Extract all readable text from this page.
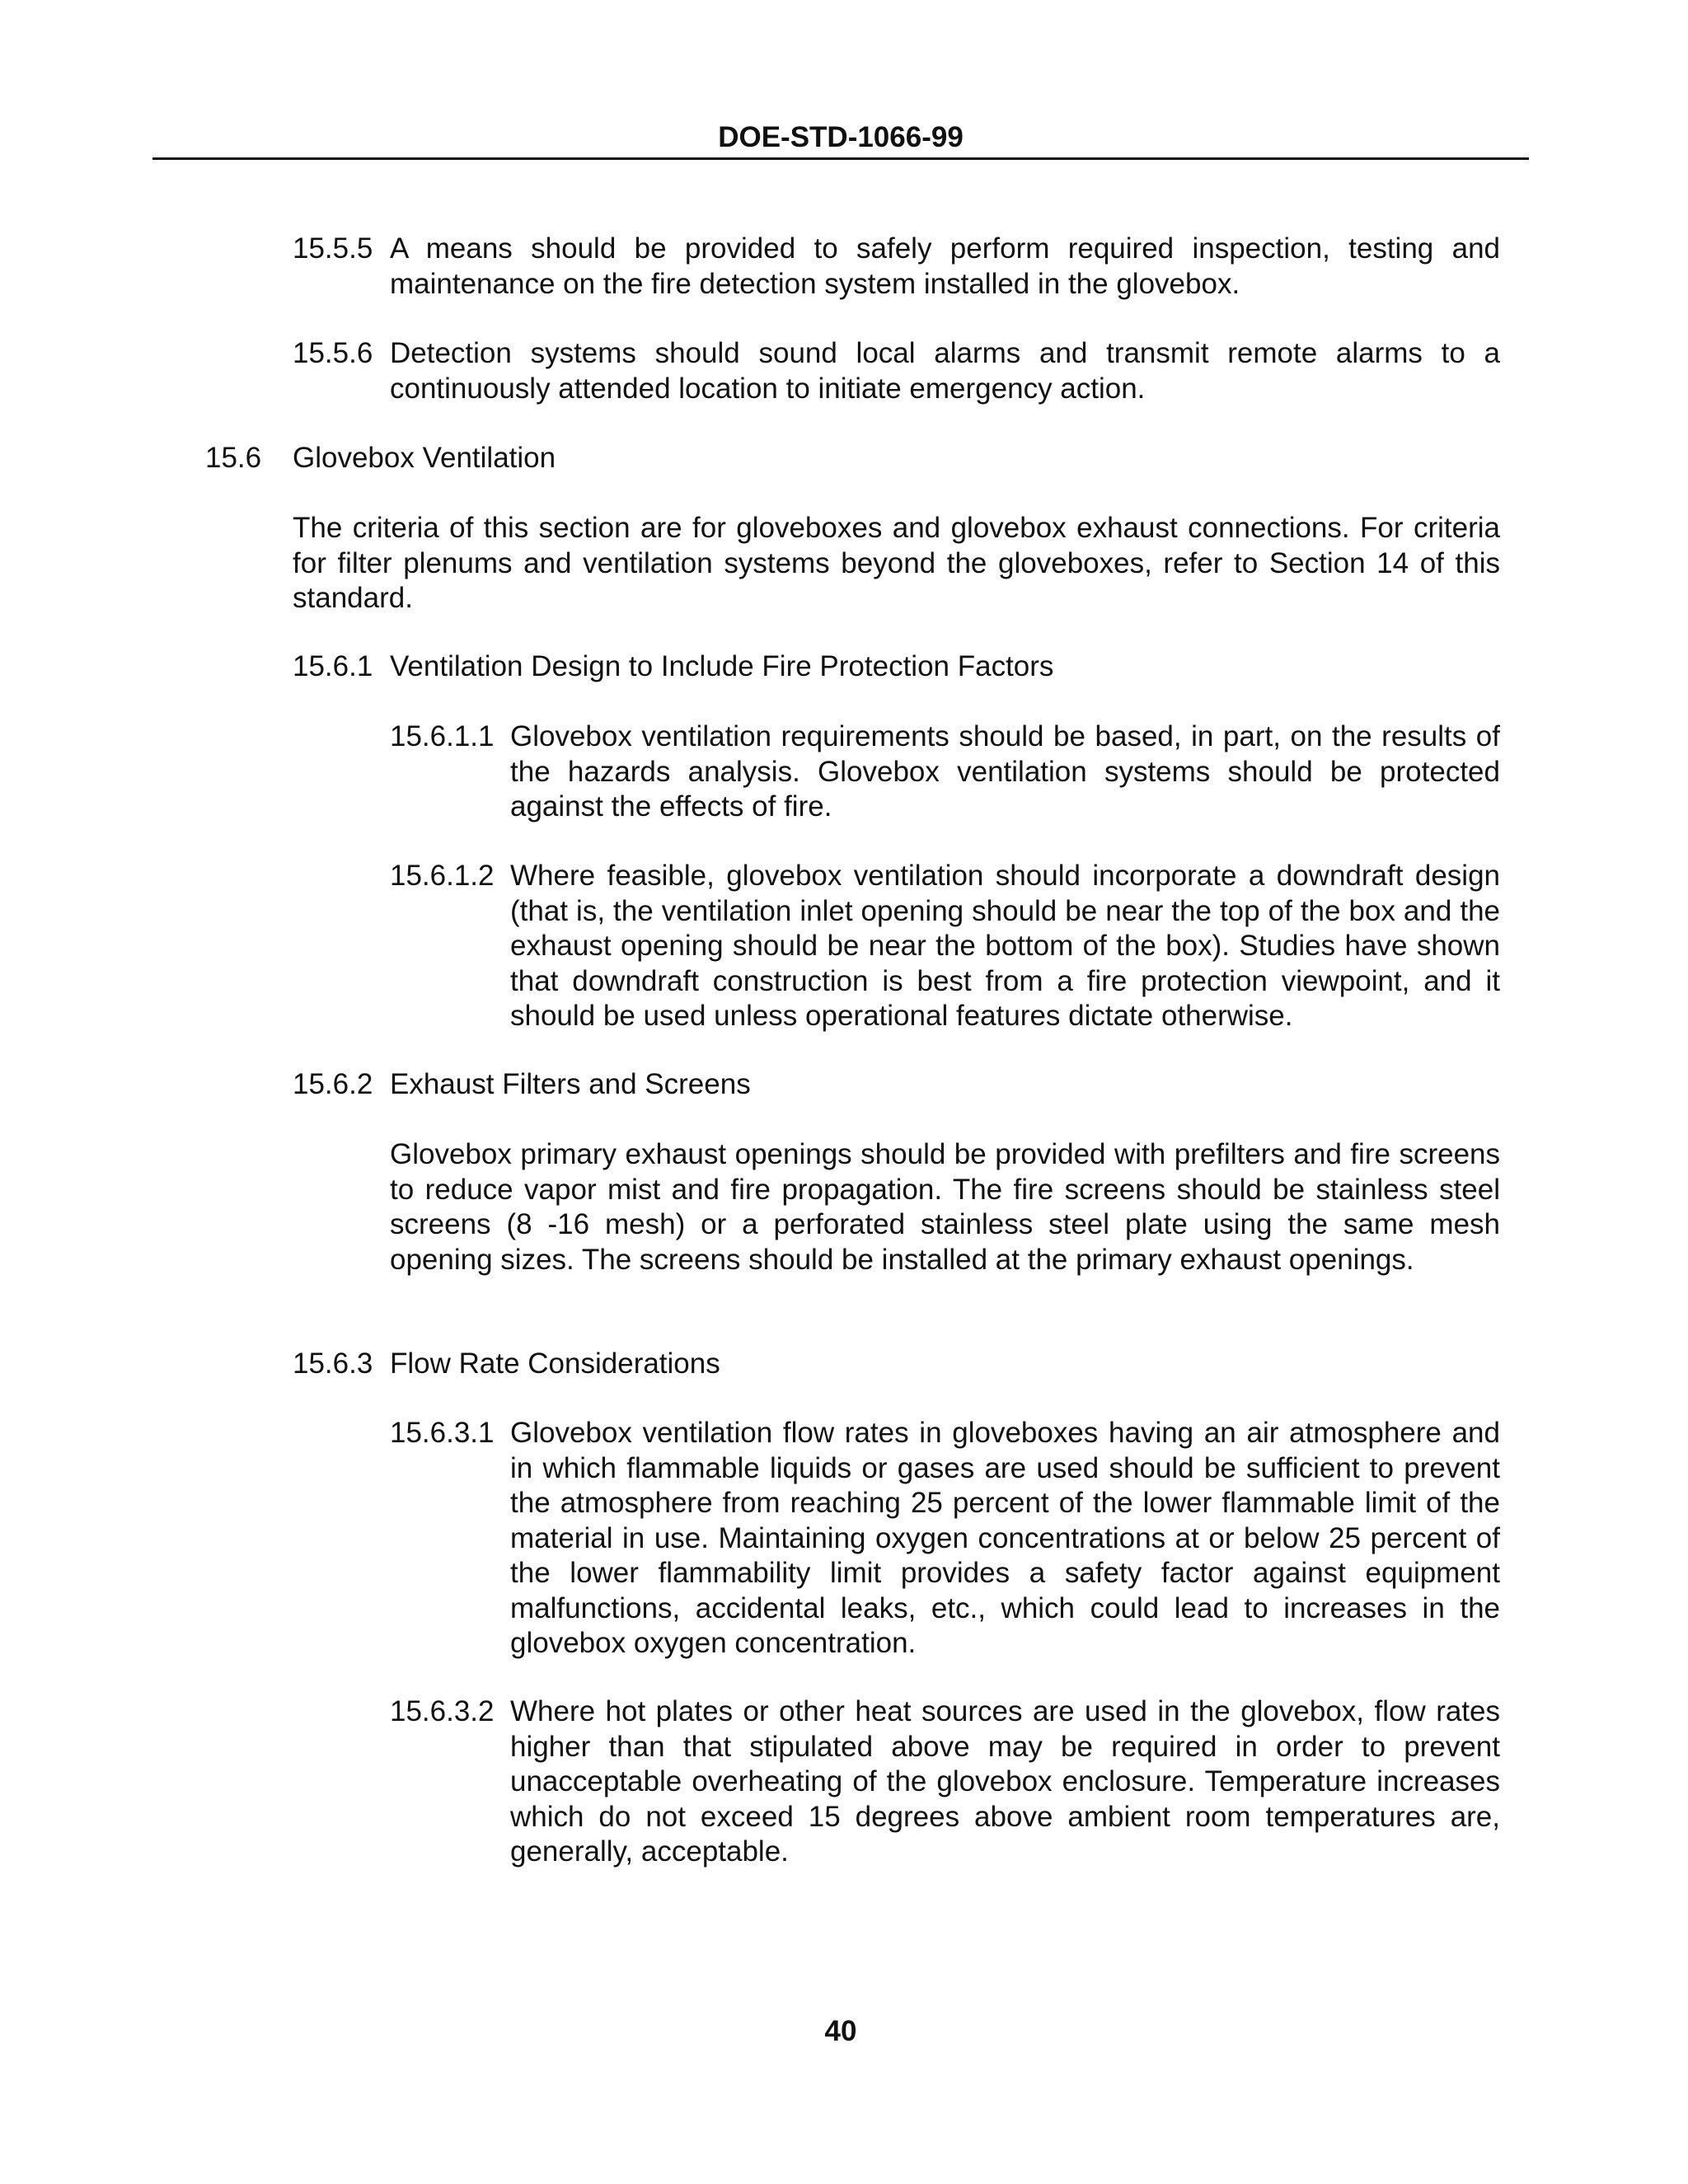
DOE-STD-1066-99
15.5.5 A means should be provided to safely perform required inspection, testing and maintenance on the fire detection system installed in the glovebox.
15.5.6 Detection systems should sound local alarms and transmit remote alarms to a continuously attended location to initiate emergency action.
15.6 Glovebox Ventilation
The criteria of this section are for gloveboxes and glovebox exhaust connections. For criteria for filter plenums and ventilation systems beyond the gloveboxes, refer to Section 14 of this standard.
15.6.1 Ventilation Design to Include Fire Protection Factors
15.6.1.1 Glovebox ventilation requirements should be based, in part, on the results of the hazards analysis. Glovebox ventilation systems should be protected against the effects of fire.
15.6.1.2 Where feasible, glovebox ventilation should incorporate a downdraft design (that is, the ventilation inlet opening should be near the top of the box and the exhaust opening should be near the bottom of the box). Studies have shown that downdraft construction is best from a fire protection viewpoint, and it should be used unless operational features dictate otherwise.
15.6.2 Exhaust Filters and Screens
Glovebox primary exhaust openings should be provided with prefilters and fire screens to reduce vapor mist and fire propagation. The fire screens should be stainless steel screens (8 -16 mesh) or a perforated stainless steel plate using the same mesh opening sizes. The screens should be installed at the primary exhaust openings.
15.6.3 Flow Rate Considerations
15.6.3.1 Glovebox ventilation flow rates in gloveboxes having an air atmosphere and in which flammable liquids or gases are used should be sufficient to prevent the atmosphere from reaching 25 percent of the lower flammable limit of the material in use. Maintaining oxygen concentrations at or below 25 percent of the lower flammability limit provides a safety factor against equipment malfunctions, accidental leaks, etc., which could lead to increases in the glovebox oxygen concentration.
15.6.3.2 Where hot plates or other heat sources are used in the glovebox, flow rates higher than that stipulated above may be required in order to prevent unacceptable overheating of the glovebox enclosure. Temperature increases which do not exceed 15 degrees above ambient room temperatures are, generally, acceptable.
40
